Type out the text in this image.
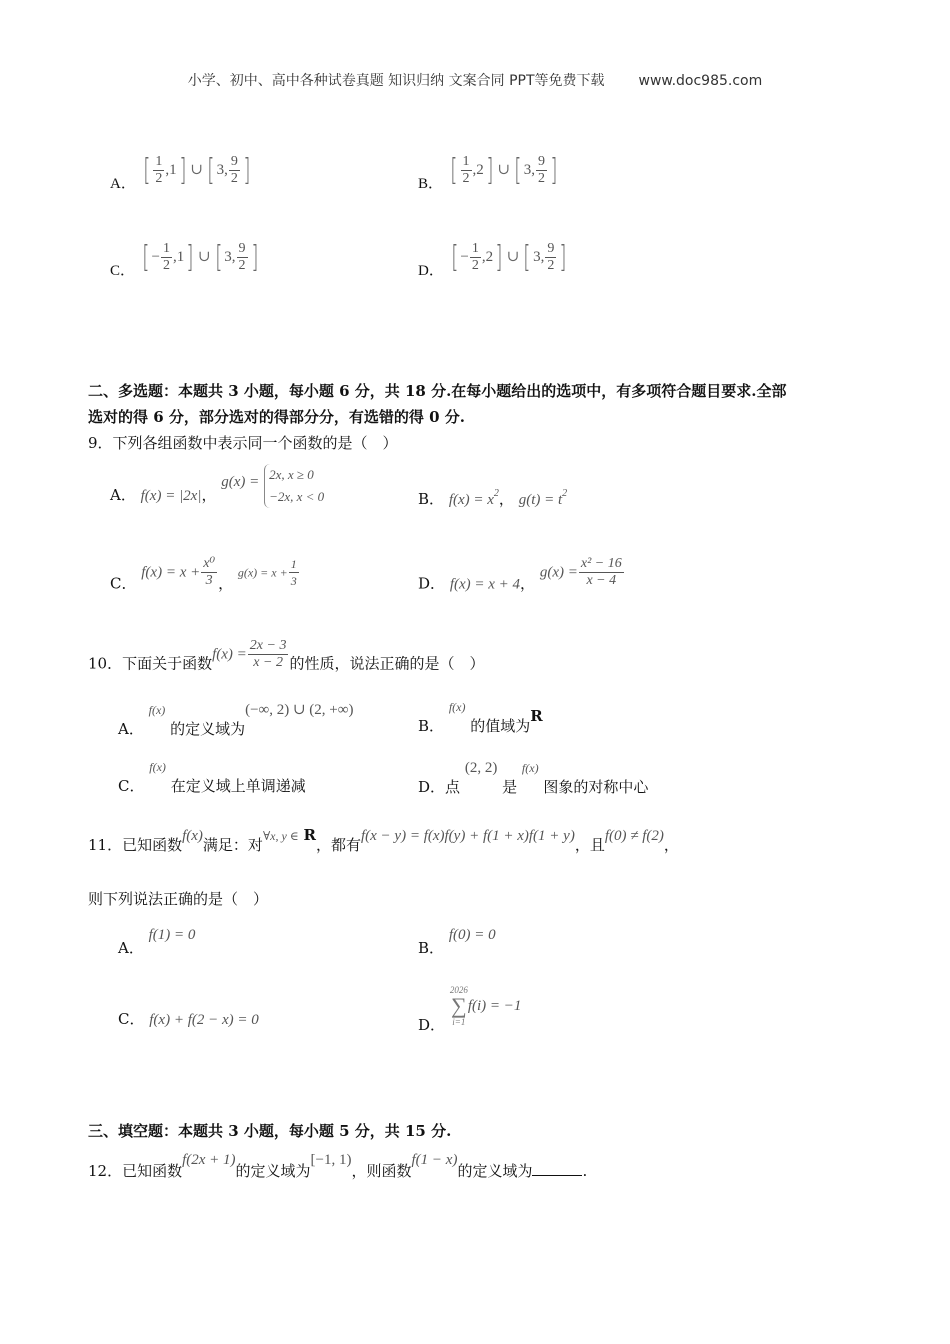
小学、初中、高中各种试卷真题 知识归纳 文案合同 PPT等免费下载 www.doc985.com
A． [ $\frac{1}{2} ,1$] ∪ [ 3, $\frac{9}{2}$ ]	B． [ $\frac{1}{2} ,2$] ∪ [ 3, $\frac{9}{2}$ ]
C． [ − $\frac{1}{2} ,1$] ∪ [ 3, $\frac{9}{2}$ ]	D． [ − $\frac{1}{2} ,2$] ∪ [ 3, $\frac{9}{2}$ ]
二、多选题：本题共 3 小题，每小题 6 分，共 18 分.在每小题给出的选项中，有多项符合题目要求.全部
选对的得 6 分，部分选对的得部分分，有选错的得 0 分.
9．下列各组函数中表示同一个函数的是（　）
A． f(x) = |2x|， g(x) = 2x, x ≥ 0
−2x, x < 0	B． $f(x) = x^2$， $g(t) = t^2$
C． $f(x) = x + \frac{\text{x⁰}}{3}$ ， $g(x) = x + \frac{1}{3}$	D． f(x) = x + 4， $g(x) = \frac{\text{x² − 16}}{x - 4}$
10．下面关于函数$f(x) = \frac{2x - 3}{x - 2}$ 的性质，说法正确的是（　）
A． $^{f(x)}$ 的定义域为(−∞, 2) ∪ (2, +∞)
B． $^{f(x)}$ 的值域为R
C． $^{f(x)}$ 在定义域上单调递减	D．点 (2, 2) 是 $^{f(x)}$ 图象的对称中心
11．已知函数f(x)满足：对∀x, y ∈ R，都有f(x − y) = f(x)f(y) + f(1 + x)f(1 + y)，且f(0) ≠ f(2)，
则下列说法正确的是（　）
A． f(1) = 0
B． f(0) = 0
C． f(x) + f(2 − x) = 0	D．
2026
∑
i=1
f(i) = −1
三、填空题：本题共 3 小题，每小题 5 分，共 15 分.
12．已知函数f(2x + 1)的定义域为[−1, 1)，则函数f(1 − x)的定义域为	.
